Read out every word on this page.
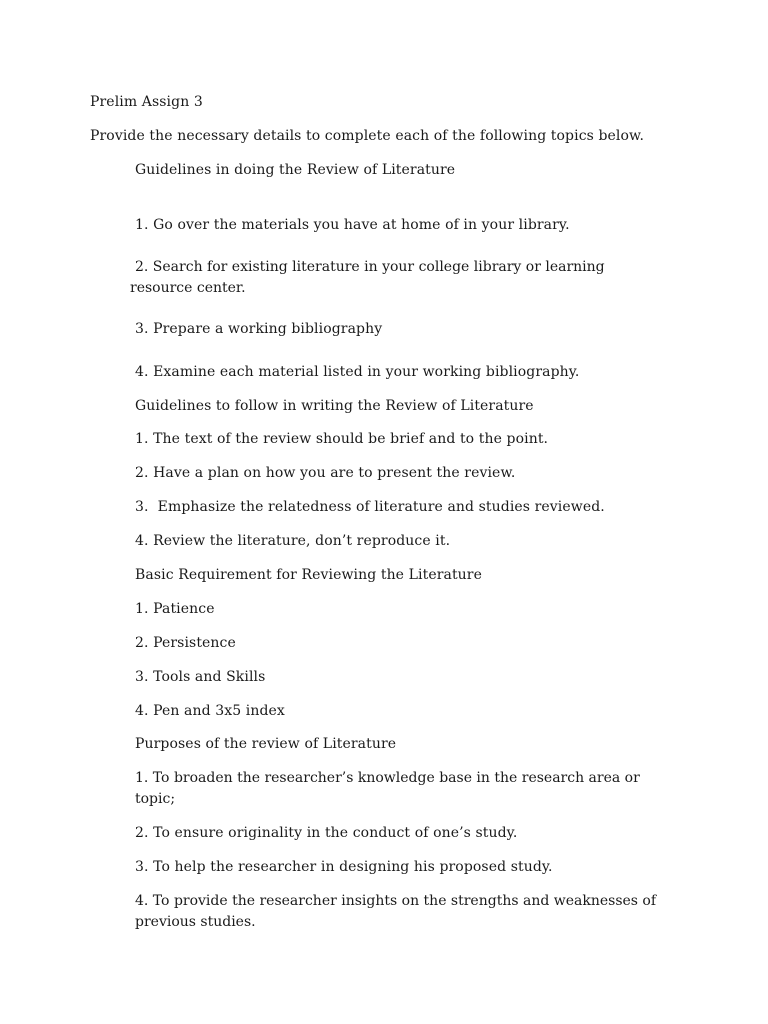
Prelim Assign 3
Provide the necessary details to complete each of the following topics below.
Guidelines in doing the Review of Literature
1. Go over the materials you have at home of in your library.
2. Search for existing literature in your college library or learning resource center.
3. Prepare a working bibliography
4. Examine each material listed in your working bibliography.
Guidelines to follow in writing the Review of Literature
1. The text of the review should be brief and to the point.
2. Have a plan on how you are to present the review.
3.  Emphasize the relatedness of literature and studies reviewed.
4. Review the literature, don’t reproduce it.
Basic Requirement for Reviewing the Literature
1. Patience
2. Persistence
3. Tools and Skills
4. Pen and 3x5 index
Purposes of the review of Literature
1. To broaden the researcher’s knowledge base in the research area or topic;
2. To ensure originality in the conduct of one’s study.
3. To help the researcher in designing his proposed study.
4. To provide the researcher insights on the strengths and weaknesses of previous studies.
